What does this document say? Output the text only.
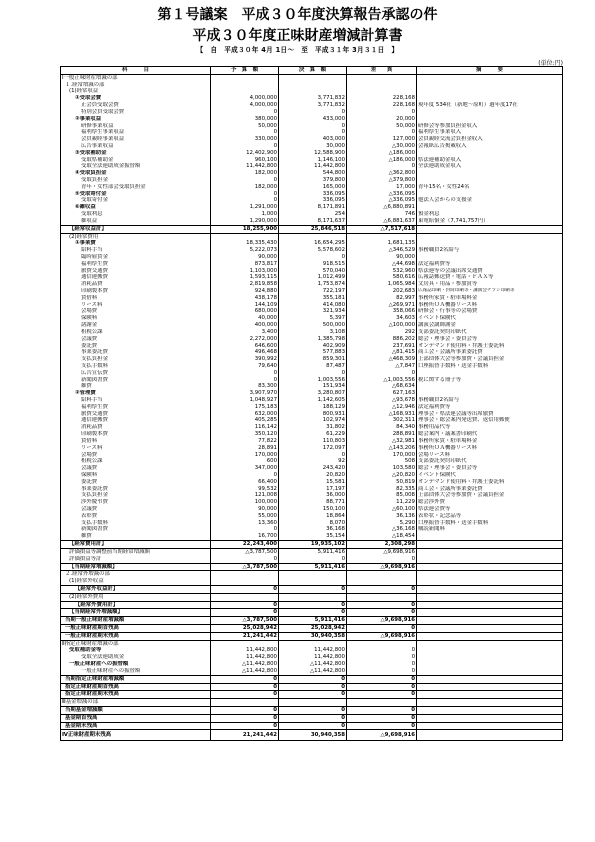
第１号議案　平成３０年度決算報告承認の件
平成３０年度正味財産増減計算書
【　自　平成３０年 4月 1日～　至　平成３１年 3月３１日　】
(単位:円)
科　　　目	予　算　額	決　算　額	差　　異	摘　　　要
Ⅰ一般正味財産増減の部				
１.経常増減の部				
(1)経常収益				
①受取会費	4,000,000	3,771,832	228,168	
正会員受取会費	4,000,000	3,771,832	228,168	現年度 534社（新地～原町）過年度17社
特別会員受取会費	0	0	0	
②事業収益	380,000	433,000	20,000	
研修事業収益	50,000	0	50,000	研修会等参加負担金収入
福利厚生事業収益	0	0	0	福利厚生事業収入
会員親睦事業収益	330,000	403,000	127,000	会員親睦交流会負担金収入
広告事業収益	0	30,000	△30,000	会報紙広告掲載収入
③受取補助金	12,402,900	12,588,900	△186,000	
受取県補助金	960,100	1,146,100	△186,000	県法連補助金収入
受取全法連助成金振替額	11,442,800	11,442,800	0	全法連助成金収入
④受取負担金	182,000	544,800	△362,800	
受取負担金	0	379,800	△379,800	
青年・女性部会受取負担金	182,000	165,000	17,000	青年15名・女性24名
⑤受取寄付金	0	336,095	△336,095	
受取寄付金	0	336,095	△336,095	他法人会からの支援金
⑥雑収益	1,291,000	8,171,891	△6,880,891	
受取利息	1,000	254	746	預金利息
雑収益	1,290,000	8,171,637	△6,881,637	東電賠償金（7,741,757円）
【経常収益計】	18,255,900	25,846,518	△7,517,618	
(2)経常費用				
①事業費	18,335,430	16,654,295	1,681,135	
給料手当	5,222,073	5,578,602	△346,529	事務職員2名給与
臨時雇賃金	90,000	0	90,000	
福利厚生費	873,817	918,515	△44,698	法定福利費等
旅費交通費	1,103,000	570,040	532,960	県法連等の会議出席交通費
通信運搬費	1,593,115	1,012,499	580,616	広報誌郵送費・電話・ＦＡＸ等
消耗品費	2,819,858	1,753,874	1,065,984	文房具・用品・参加賞等
印刷製本費	924,880	722,197	202,683	広報誌印刷・封筒印刷等・講演会チラシ印刷等
賃借料	438,178	355,181	82,997	事務所家賃・駐車場料金
リース料	144,109	414,080	△269,971	事務所ＯＡ機器リース料
会場費	680,000	321,934	358,066	研修会・行事等の会場費
保険料	40,000	5,397	34,603	イベント保険代
諸謝金	400,000	500,000	△100,000	講演会講師謝金
租税公課	3,400	3,108	292	支部委託契約印紙代
会議費	2,272,000	1,385,798	886,202	総会・理事会・委員会等
委託費	646,600	402,909	237,691	オンデマンド使用料・弁護士委託料
事業委託費	496,468	577,883	△81,415	商工会・会議所事業委託費
支払負担金	390,992	859,301	△468,309	上部団体大会等参加費・会議負担金
支払手数料	79,640	87,487	△7,847	口座振替手数料・送金手数料
広告宣伝費	0	0	0	
新聞図書費	0	1,003,556	△1,003,556	税に関する冊子等
雑費	83,300	151,934	△68,634	
②管理費	3,907,970	3,280,807	627,163	
給料手当	1,048,927	1,142,605	△93,678	事務職員2名給与
福利厚生費	175,183	188,129	△12,946	法定福利費等
旅費交通費	632,000	800,931	△168,931	理事会・県法連会議等出席旅費
通信運搬費	405,285	102,974	302,311	理事会・総会案内発送費、返信用郵便
消耗品費	116,142	31,802	84,340	事務用品代等
印刷製本費	350,120	61,229	288,891	総会案内・議案書印刷代
賃借料	77,822	110,803	△32,981	事務所家賃・駐車場料金
リース料	28,891	172,097	△143,206	事務所ＯＡ機器リース料
会場費	170,000	0	170,000	会場リース料
租税公課	600	92	508	支部委託契約印紙代
会議費	347,000	243,420	103,580	総会・理事会・委員会等
保険料	0	20,820	△20,820	イベント保険代
委託費	66,400	15,581	50,819	オンデマンド使用料・弁護士委託料
事業委託費	99,532	17,197	82,335	商工会・会議所事業委託費
支払負担金	121,008	36,000	85,008	上部団体大会等参加費・会議負担金
渉外慶弔費	100,000	88,771	11,229	総会渉外費
会議費	90,000	150,100	△60,100	県法連会費等
表彰費	55,000	18,864	36,136	表彰状・記念品等
支払手数料	13,360	8,070	5,290	口座振替手数料・送金手数料
新聞図書費	0	36,168	△36,168	購読新聞料
雑費	16,700	35,154	△18,454	
【経常費用計】	22,243,400	19,935,102	2,308,298	
評価損益等調整前当期経常増減額	△3,787,500	5,911,416	△9,698,916	
評価損益等計	0	0	0	
【当期経常増減額】	△3,787,500	5,911,416	△9,698,916	
２.経常外増減の部				
(1)経常外収益				
【経常外収益計】	0	0	0	
(2)経常外費用				
【経常外費用計】	0	0	0	
【当期経常外増減額】	0	0	0	
当期一般正味財産増減額	△3,787,500	5,911,416	△9,698,916	
一般正味財産期首残高	25,028,942	25,028,942	0	
一般正味財産期末残高	21,241,442	30,940,358	△9,698,916	
Ⅱ指定正味財産増減の部				
受取補助金等	11,442,800	11,442,800	0	
受取全法連助成金	11,442,800	11,442,800	0	
一般正味財産への振替額	△11,442,800	△11,442,800	0	
一般正味財産への振替額	△11,442,800	△11,442,800	0	
当期指定正味財産増減額	0	0	0	
指定正味財産期首残高	0	0	0	
指定正味財産期末残高	0	0	0	
Ⅲ基金増減の部				
当期基金増減額	0	0	0	
基金期首残高	0	0	0	
基金期末残高	0	0	0	
Ⅳ正味財産期末残高	21,241,442	30,940,358	△9,698,916	
